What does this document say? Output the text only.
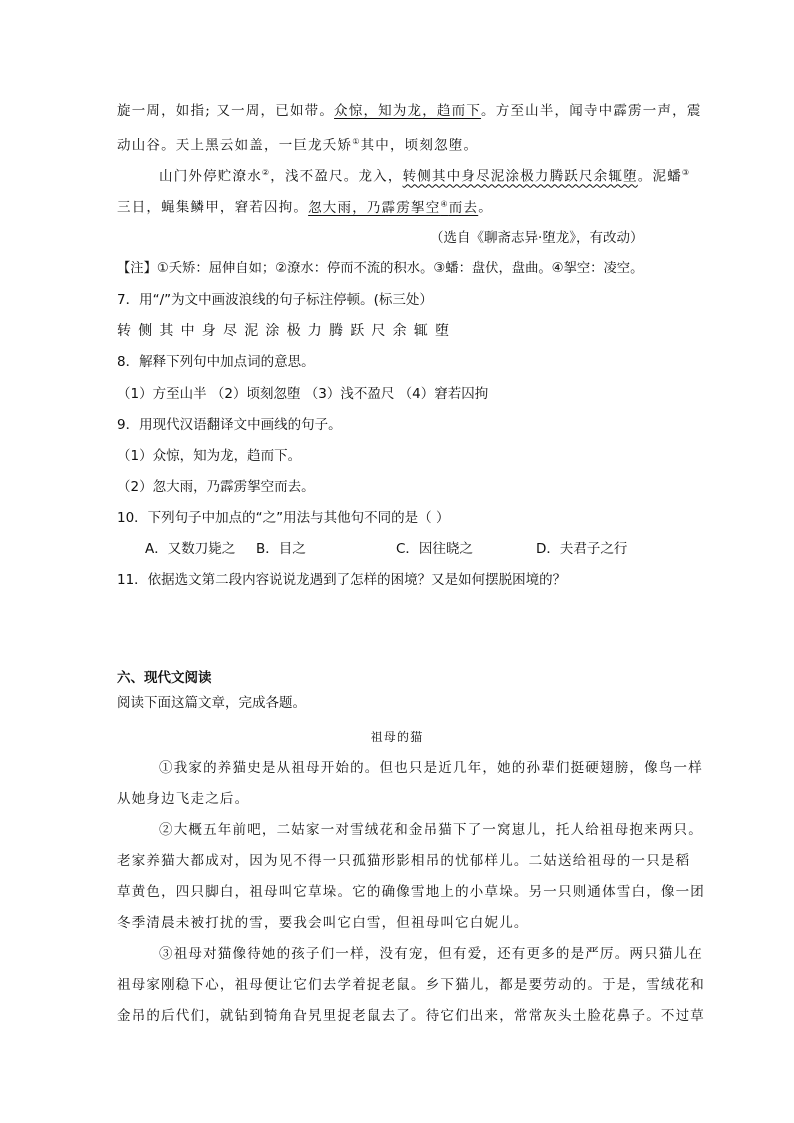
旋一周，如指; 又一周，已如带。众惊，知为龙，趋而下。方至山半，闻寺中霹雳一声，震
动山谷。天上黑云如盖，一巨龙夭矫①其中，顷刻忽堕。
山门外停贮潦水②，浅不盈尺。龙入，转侧其中身尽泥涂极力腾跃尺余辄堕。泥蟠③
三日，蝇集鳞甲，窘若囚拘。忽大雨，乃霹雳挐空④而去。
（选自《聊斋志异·堕龙》，有改动）
【注】①夭矫：屈伸自如；②潦水：停而不流的积水。③蟠：盘伏，盘曲。④挐空：凌空。
7．用“/”为文中画波浪线的句子标注停顿。(标三处）
转侧其中身尽泥涂极力腾跃尺余辄堕
8．解释下列句中加点词的意思。
（1）方至山半 （2）顷刻忽堕 （3）浅不盈尺 （4）窘若囚拘
9．用现代汉语翻译文中画线的句子。
（1）众惊，知为龙，趋而下。
（2）忽大雨，乃霹雳挐空而去。
10．下列句子中加点的“之”用法与其他句不同的是（ ）
A．又数刀毙之 B．目之	C．因往晓之	D．夫君子之行
11．依据选文第二段内容说说龙遇到了怎样的困境？又是如何摆脱困境的？
六、现代文阅读
阅读下面这篇文章，完成各题。
祖母的猫
①我家的养猫史是从祖母开始的。但也只是近几年，她的孙辈们挺硬翅膀，像鸟一样
从她身边飞走之后。
②大概五年前吧，二姑家一对雪绒花和金吊猫下了一窝崽儿，托人给祖母抱来两只。
老家养猫大都成对，因为见不得一只孤猫形影相吊的忧郁样儿。二姑送给祖母的一只是稻
草黄色，四只脚白，祖母叫它草垛。它的确像雪地上的小草垛。另一只则通体雪白，像一团
冬季清晨未被打扰的雪，要我会叫它白雪，但祖母叫它白妮儿。
③祖母对猫像待她的孩子们一样，没有宠，但有爱，还有更多的是严厉。两只猫儿在
祖母家刚稳下心，祖母便让它们去学着捉老鼠。乡下猫儿，都是要劳动的。于是，雪绒花和
金吊的后代们，就钻到犄角旮旯里捉老鼠去了。待它们出来，常常灰头土脸花鼻子。不过草
